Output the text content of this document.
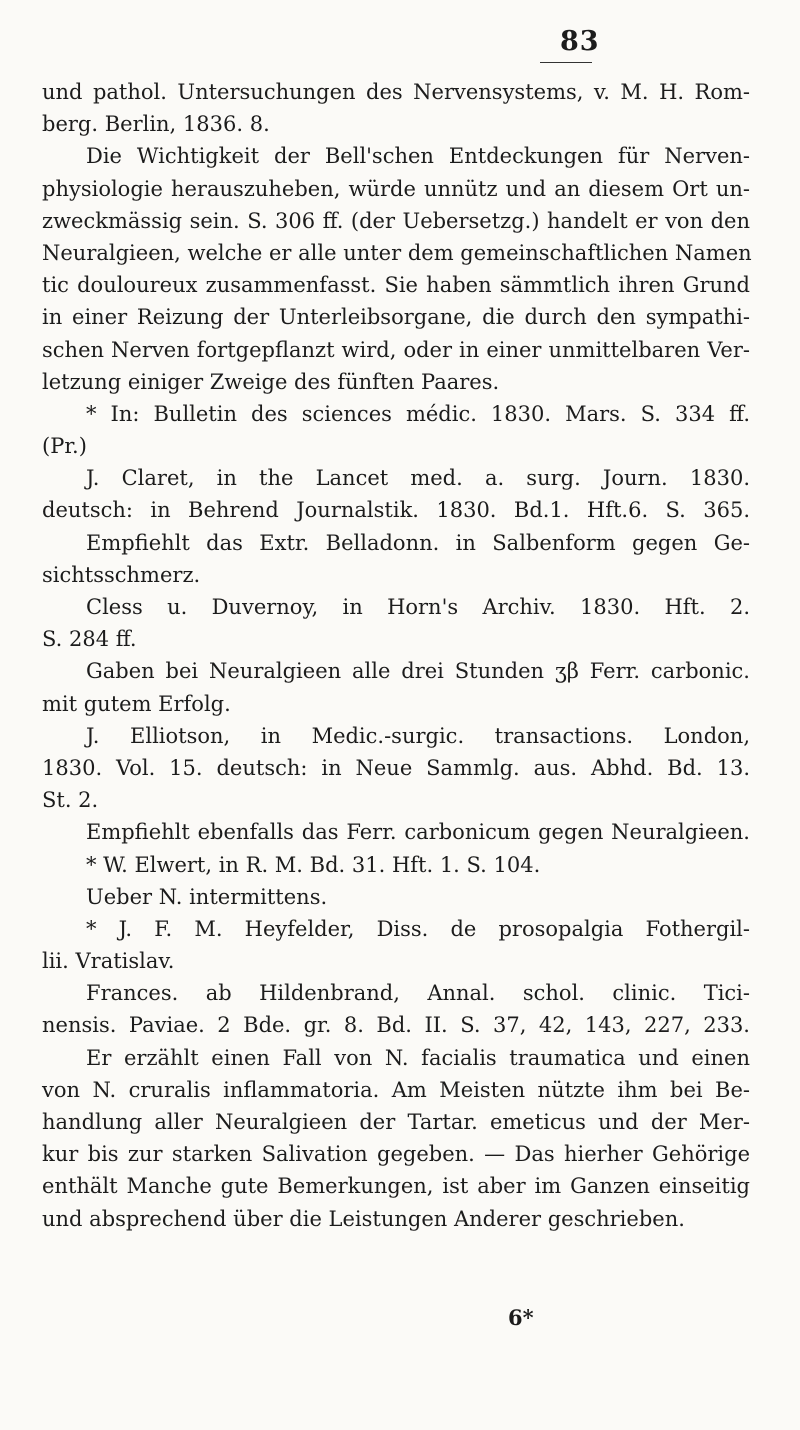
83
und pathol. Untersuchungen des Nervensystems, v. M. H. Rom-
berg. Berlin, 1836. 8.
Die Wichtigkeit der Bell'schen Entdeckungen für Nerven-
physiologie herauszuheben, würde unnütz und an diesem Ort un-
zweckmässig sein. S. 306 ff. (der Uebersetzg.) handelt er von den
Neuralgieen, welche er alle unter dem gemeinschaftlichen Namen
tic douloureux zusammenfasst. Sie haben sämmtlich ihren Grund
in einer Reizung der Unterleibsorgane, die durch den sympathi-
schen Nerven fortgepflanzt wird, oder in einer unmittelbaren Ver-
letzung einiger Zweige des fünften Paares.
* In: Bulletin des sciences médic. 1830. Mars. S. 334 ff.
(Pr.)
J. Claret, in the Lancet med. a. surg. Journ. 1830.
deutsch: in Behrend Journalstik. 1830. Bd.1. Hft.6. S. 365.
Empfiehlt das Extr. Belladonn. in Salbenform gegen Ge-
sichtsschmerz.
Cless u. Duvernoy, in Horn's Archiv. 1830. Hft. 2.
S. 284 ff.
Gaben bei Neuralgieen alle drei Stunden ʒβ Ferr. carbonic.
mit gutem Erfolg.
J. Elliotson, in Medic.-surgic. transactions. London,
1830. Vol. 15. deutsch: in Neue Sammlg. aus. Abhd. Bd. 13.
St. 2.
Empfiehlt ebenfalls das Ferr. carbonicum gegen Neuralgieen.
* W. Elwert, in R. M. Bd. 31. Hft. 1. S. 104.
Ueber N. intermittens.
* J. F. M. Heyfelder, Diss. de prosopalgia Fothergil-
lii. Vratislav.
Frances. ab Hildenbrand, Annal. schol. clinic. Tici-
nensis. Paviae. 2 Bde. gr. 8. Bd. II. S. 37, 42, 143, 227, 233.
Er erzählt einen Fall von N. facialis traumatica und einen
von N. cruralis inflammatoria. Am Meisten nützte ihm bei Be-
handlung aller Neuralgieen der Tartar. emeticus und der Mer-
kur bis zur starken Salivation gegeben. — Das hierher Gehörige
enthält Manche gute Bemerkungen, ist aber im Ganzen einseitig
und absprechend über die Leistungen Anderer geschrieben.
6*
